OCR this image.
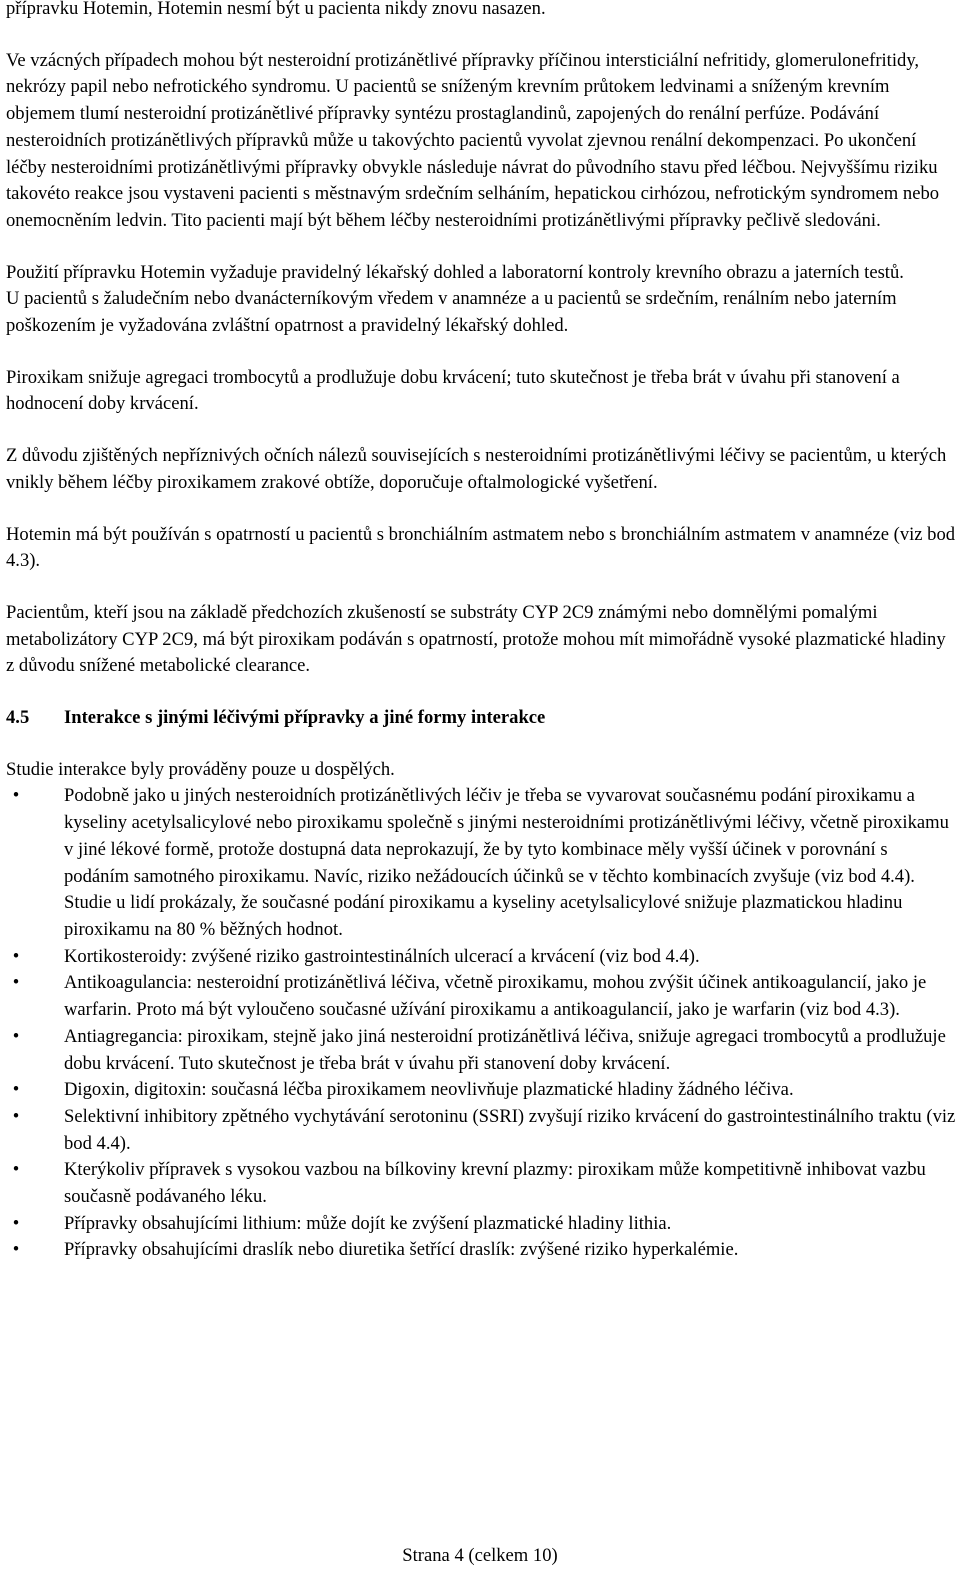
přípravku Hotemin, Hotemin nesmí být u pacienta nikdy znovu nasazen.

Ve vzácných případech mohou být nesteroidní protizánětlivé přípravky příčinou intersticiální nefritidy, glomerulonefritidy, nekrózy papil nebo nefrotického syndromu. U pacientů se sníženým krevním průtokem ledvinami a sníženým krevním objemem tlumí nesteroidní protizánětlivé přípravky syntézu prostaglandinů, zapojených do renální perfúze. Podávání nesteroidních protizánětlivých přípravků může u takovýchto pacientů vyvolat zjevnou renální dekompenzaci. Po ukončení léčby nesteroidními protizánětlivými přípravky obvykle následuje návrat do původního stavu před léčbou. Nejvyššímu riziku takovéto reakce jsou vystaveni pacienti s městnavým srdečním selháním, hepatickou cirhózou, nefrotickým syndromem nebo onemocněním ledvin. Tito pacienti mají být během léčby nesteroidními protizánětlivými přípravky pečlivě sledováni.

Použití přípravku Hotemin vyžaduje pravidelný lékařský dohled a laboratorní kontroly krevního obrazu a jaterních testů.

U pacientů s žaludečním nebo dvanácterníkovým vředem v anamnéze a u pacientů se srdečním, renálním nebo jaterním poškozením je vyžadována zvláštní opatrnost a pravidelný lékařský dohled.

Piroxikam snižuje agregaci trombocytů a prodlužuje dobu krvácení; tuto skutečnost je třeba brát v úvahu při stanovení a hodnocení doby krvácení.

Z důvodu zjištěných nepříznivých očních nálezů souvisejících s nesteroidními protizánětlivými léčivy se pacientům, u kterých vnikly během léčby piroxikamem zrakové obtíže, doporučuje oftalmologické vyšetření.

Hotemin má být používán s opatrností u pacientů s bronchiálním astmatem nebo s bronchiálním astmatem v anamnéze (viz bod 4.3).

Pacientům, kteří jsou na základě předchozích zkušeností se substráty CYP 2C9 známými nebo domnělými pomalými metabolizátory CYP 2C9, má být piroxikam podáván s opatrností, protože mohou mít mimořádně vysoké plazmatické hladiny z důvodu snížené metabolické clearance.

4.5	Interakce s jinými léčivými přípravky a jiné formy interakce

Studie interakce byly prováděny pouze u dospělých.

•	Podobně jako u jiných nesteroidních protizánětlivých léčiv je třeba se vyvarovat současnému podání piroxikamu a kyseliny acetylsalicylové nebo piroxikamu společně s jinými nesteroidními protizánětlivými léčivy, včetně piroxikamu v jiné lékové formě, protože dostupná data neprokazují, že by tyto kombinace měly vyšší účinek v porovnání s podáním samotného piroxikamu. Navíc, riziko nežádoucích účinků se v těchto kombinacích zvyšuje (viz bod 4.4). Studie u lidí prokázaly, že současné podání piroxikamu a kyseliny acetylsalicylové snižuje plazmatickou hladinu piroxikamu na 80 % běžných hodnot.
•	Kortikosteroidy: zvýšené riziko gastrointestinálních ulcerací a krvácení (viz bod 4.4).
•	Antikoagulancia: nesteroidní protizánětlivá léčiva, včetně piroxikamu, mohou zvýšit účinek antikoagulancií, jako je warfarin. Proto má být vyloučeno současné užívání piroxikamu a antikoagulancií, jako je warfarin (viz bod 4.3).
•	Antiagregancia: piroxikam, stejně jako jiná nesteroidní protizánětlivá léčiva, snižuje agregaci trombocytů a prodlužuje dobu krvácení. Tuto skutečnost je třeba brát v úvahu při stanovení doby krvácení.
•	Digoxin, digitoxin: současná léčba piroxikamem neovlivňuje plazmatické hladiny žádného léčiva.
•	Selektivní inhibitory zpětného vychytávání serotoninu (SSRI) zvyšují riziko krvácení do gastrointestinálního traktu (viz bod 4.4).
•	Kterýkoliv přípravek s vysokou vazbou na bílkoviny krevní plazmy: piroxikam může kompetitivně inhibovat vazbu současně podávaného léku.
•	Přípravky obsahujícími lithium: může dojít ke zvýšení plazmatické hladiny lithia.
•	Přípravky obsahujícími draslík nebo diuretika šetřící draslík: zvýšené riziko hyperkalémie.
Strana 4 (celkem 10)
